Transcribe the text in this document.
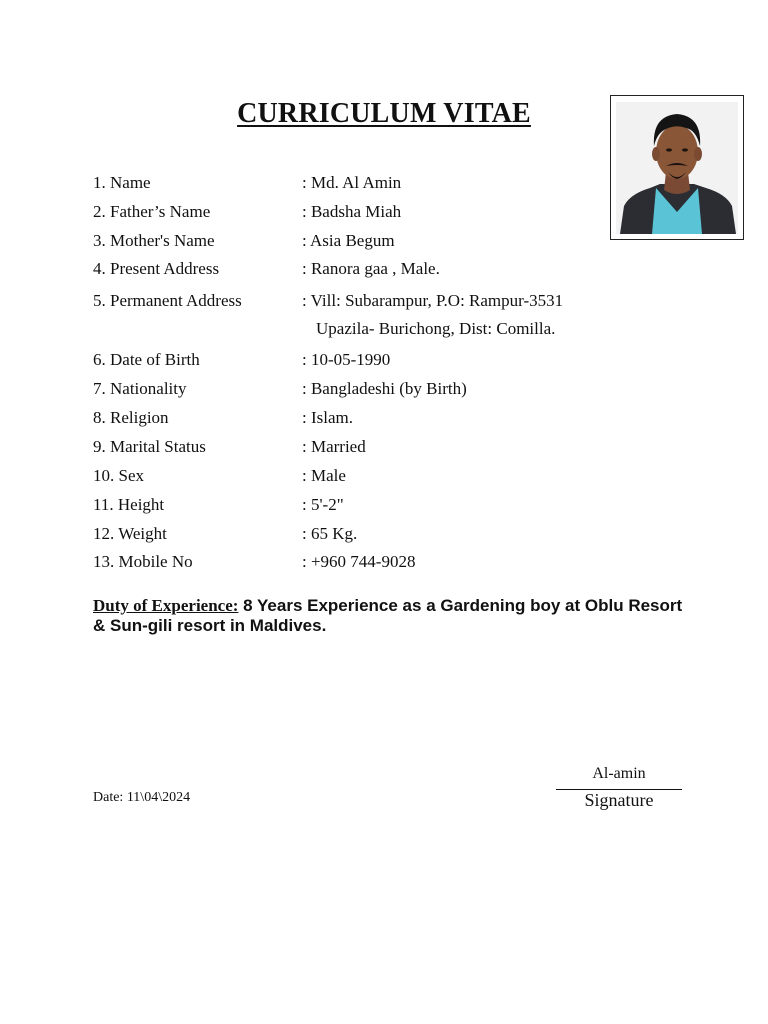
CURRICULUM VITAE
1. Name	: Md. Al Amin
2. Father’s Name	: Badsha Miah
3. Mother's Name	: Asia Begum
4. Present Address	: Ranora gaa , Male.
5. Permanent Address	: Vill: Subarampur, P.O: Rampur-3531
Upazila- Burichong, Dist: Comilla.
6. Date of Birth	: 10-05-1990
7. Nationality	: Bangladeshi (by Birth)
8. Religion	: Islam.
9. Marital Status	: Married
10. Sex	: Male
11. Height	: 5'-2"
12. Weight	: 65 Kg.
13. Mobile No	: +960 744-9028
Duty of Experience: 8 Years Experience as a Gardening boy at Oblu Resort & Sun-gili resort in Maldives.
Al-amin
Signature
Date: 11\04\2024
